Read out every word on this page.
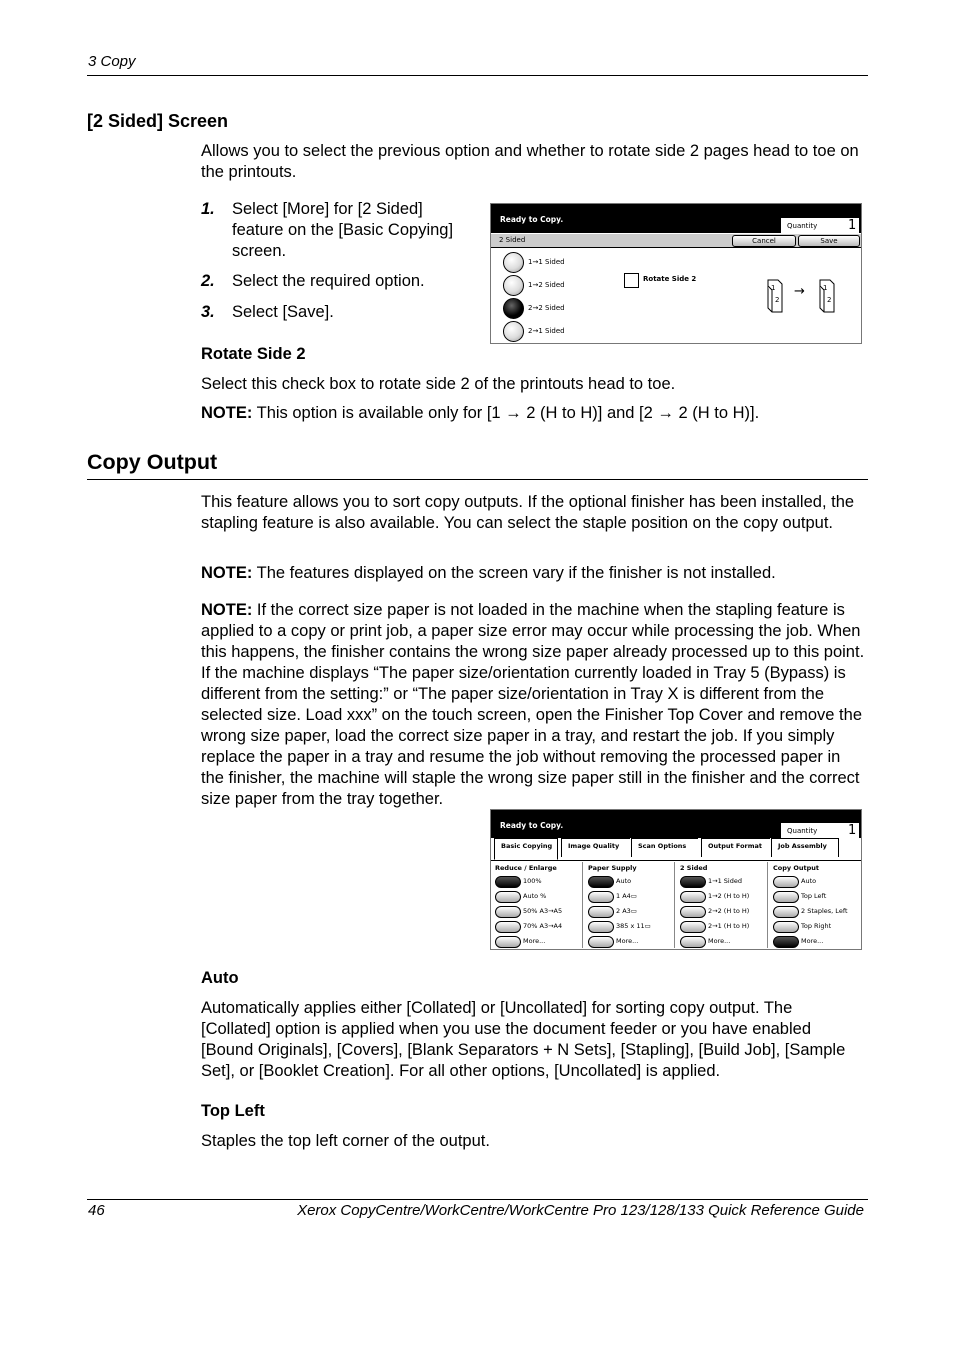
3 Copy
[2 Sided] Screen
Allows you to select the previous option and whether to rotate side 2 pages head to toe on the printouts.
1. Select [More] for [2 Sided] feature on the [Basic Copying] screen.
2. Select the required option.
3. Select [Save].
Ready to Copy.
Quantity 1
2 Sided	Cancel	Save
1→1 Sided
1→2 Sided
2→2 Sided
2→1 Sided
Rotate Side 2
1
2
1
2
→
Rotate Side 2
Select this check box to rotate side 2 of the printouts head to toe.
NOTE: This option is available only for [1 → 2 (H to H)] and [2 → 2 (H to H)].
Copy Output
This feature allows you to sort copy outputs. If the optional finisher has been installed, the stapling feature is also available. You can select the staple position on the copy output.
NOTE: The features displayed on the screen vary if the finisher is not installed.
NOTE: If the correct size paper is not loaded in the machine when the stapling feature is applied to a copy or print job, a paper size error may occur while processing the job. When this happens, the finisher contains the wrong size paper already processed up to this point. If the machine displays “The paper size/orientation currently loaded in Tray 5 (Bypass) is different from the setting:” or “The paper size/orientation in Tray X is different from the selected size. Load xxx” on the touch screen, open the Finisher Top Cover and remove the wrong size paper, load the correct size paper in a tray, and restart the job. If you simply replace the paper in a tray and resume the job without removing the processed paper in the finisher, the machine will staple the wrong size paper still in the finisher and the correct size paper from the tray together.
Ready to Copy.
Quantity 1
Basic Copying	Image Quality	Scan Options	Output Format	Job Assembly
Reduce / Enlarge
100%
Auto %
50% A3→A5
70% A3→A4
More...
Paper Supply
Auto
1 A4▭
2 A3▭
385 x 11▭
More...
2 Sided
1→1 Sided
1→2 (H to H)
2→2 (H to H)
2→1 (H to H)
More...
Copy Output
Auto
Top Left
2 Staples, Left
Top Right
More...
Auto
Automatically applies either [Collated] or [Uncollated] for sorting copy output. The [Collated] option is applied when you use the document feeder or you have enabled [Bound Originals], [Covers], [Blank Separators + N Sets], [Stapling], [Build Job], [Sample Set], or [Booklet Creation]. For all other options, [Uncollated] is applied.
Top Left
Staples the top left corner of the output.
46	Xerox CopyCentre/WorkCentre/WorkCentre Pro 123/128/133 Quick Reference Guide
